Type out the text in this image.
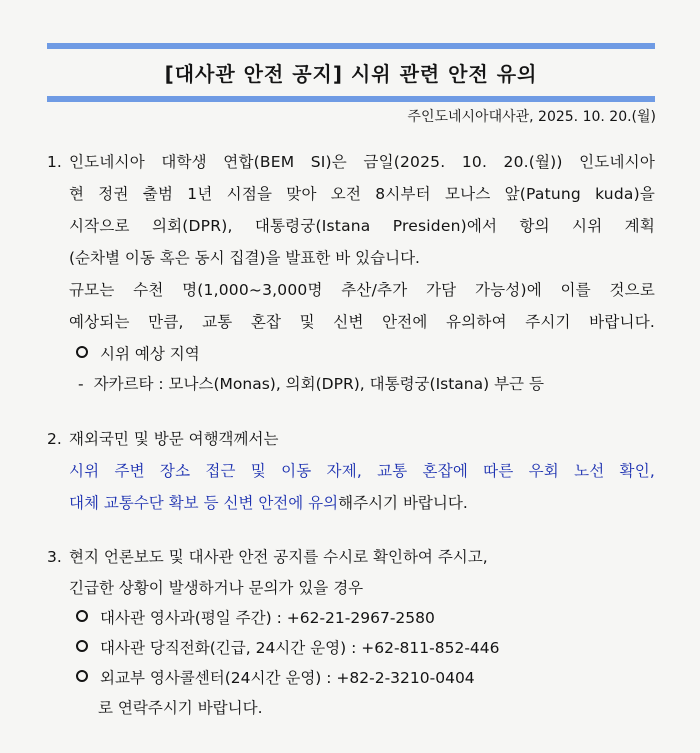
[대사관 안전 공지] 시위 관련 안전 유의
주인도네시아대사관, 2025. 10. 20.(월)
1. 인도네시아 대학생 연합(BEM SI)은 금일(2025. 10. 20.(월)) 인도네시아
현 정권 출범 1년 시점을 맞아 오전 8시부터 모나스 앞(Patung kuda)을
시작으로 의회(DPR), 대통령궁(Istana Presiden)에서 항의 시위 계획
(순차별 이동 혹은 동시 집결)을 발표한 바 있습니다.
규모는 수천 명(1,000~3,000명 추산/추가 가담 가능성)에 이를 것으로
예상되는 만큼, 교통 혼잡 및 신변 안전에 유의하여 주시기 바랍니다.
시위 예상 지역
- 자카르타 : 모나스(Monas), 의회(DPR), 대통령궁(Istana) 부근 등
2. 재외국민 및 방문 여행객께서는
시위 주변 장소 접근 및 이동 자제, 교통 혼잡에 따른 우회 노선 확인,
대체 교통수단 확보 등 신변 안전에 유의해주시기 바랍니다.
3. 현지 언론보도 및 대사관 안전 공지를 수시로 확인하여 주시고,
긴급한 상황이 발생하거나 문의가 있을 경우
대사관 영사과(평일 주간) : +62-21-2967-2580
대사관 당직전화(긴급, 24시간 운영) : +62-811-852-446
외교부 영사콜센터(24시간 운영) : +82-2-3210-0404
로 연락주시기 바랍니다.
